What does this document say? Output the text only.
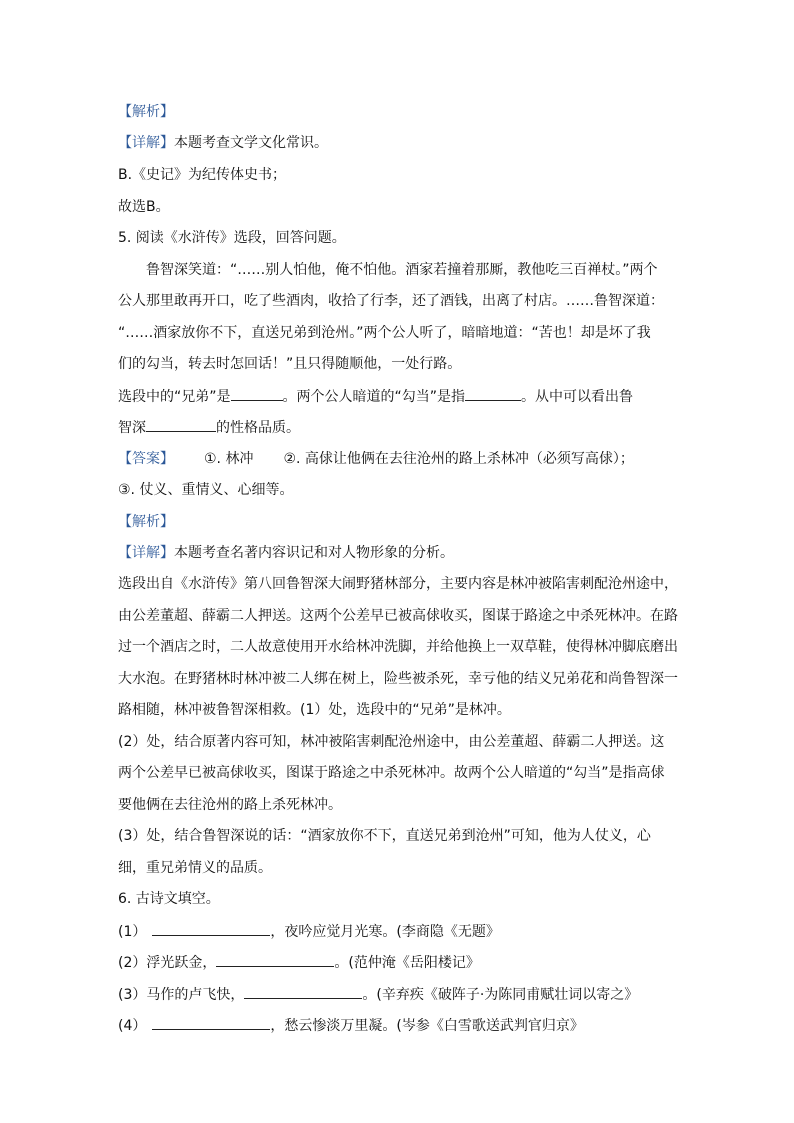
【解析】
【详解】本题考查文学文化常识。
B.《史记》为纪传体史书；
故选B。
5. 阅读《水浒传》选段，回答问题。
鲁智深笑道：“……别人怕他，俺不怕他。酒家若撞着那厮，教他吃三百禅杖。”两个
公人那里敢再开口，吃了些酒肉，收拾了行李，还了酒钱，出离了村店。……鲁智深道：
“……酒家放你不下，直送兄弟到沧州。”两个公人听了，暗暗地道：“苦也！却是坏了我
们的勾当，转去时怎回话！”且只得随顺他，一处行路。
选段中的“兄弟”是	。两个公人暗道的“勾当”是指	。从中可以看出鲁
智深	的性格品质。
【答案】 ①. 林冲 ②. 高俅让他俩在去往沧州的路上杀林冲（必须写高俅）；
③. 仗义、重情义、心细等。
【解析】
【详解】本题考查名著内容识记和对人物形象的分析。
选段出自《水浒传》第八回鲁智深大闹野猪林部分，主要内容是林冲被陷害刺配沧州途中，
由公差董超、薛霸二人押送。这两个公差早已被高俅收买，图谋于路途之中杀死林冲。在路
过一个酒店之时，二人故意使用开水给林冲洗脚，并给他换上一双草鞋，使得林冲脚底磨出
大水泡。在野猪林时林冲被二人绑在树上，险些被杀死，幸亏他的结义兄弟花和尚鲁智深一
路相随，林冲被鲁智深相救。(1）处，选段中的“兄弟”是林冲。
(2）处，结合原著内容可知，林冲被陷害刺配沧州途中，由公差董超、薛霸二人押送。这
两个公差早已被高俅收买，图谋于路途之中杀死林冲。故两个公人暗道的“勾当”是指高俅
要他俩在去往沧州的路上杀死林冲。
(3）处，结合鲁智深说的话：“酒家放你不下，直送兄弟到沧州”可知，他为人仗义，心
细，重兄弟情义的品质。
6. 古诗文填空。
(1）	，夜吟应觉月光寒。(李商隐《无题》
(2）浮光跃金，	。(范仲淹《岳阳楼记》
(3）马作的卢飞快，	。(辛弃疾《破阵子·为陈同甫赋壮词以寄之》
(4）	，愁云惨淡万里凝。(岑参《白雪歌送武判官归京》
